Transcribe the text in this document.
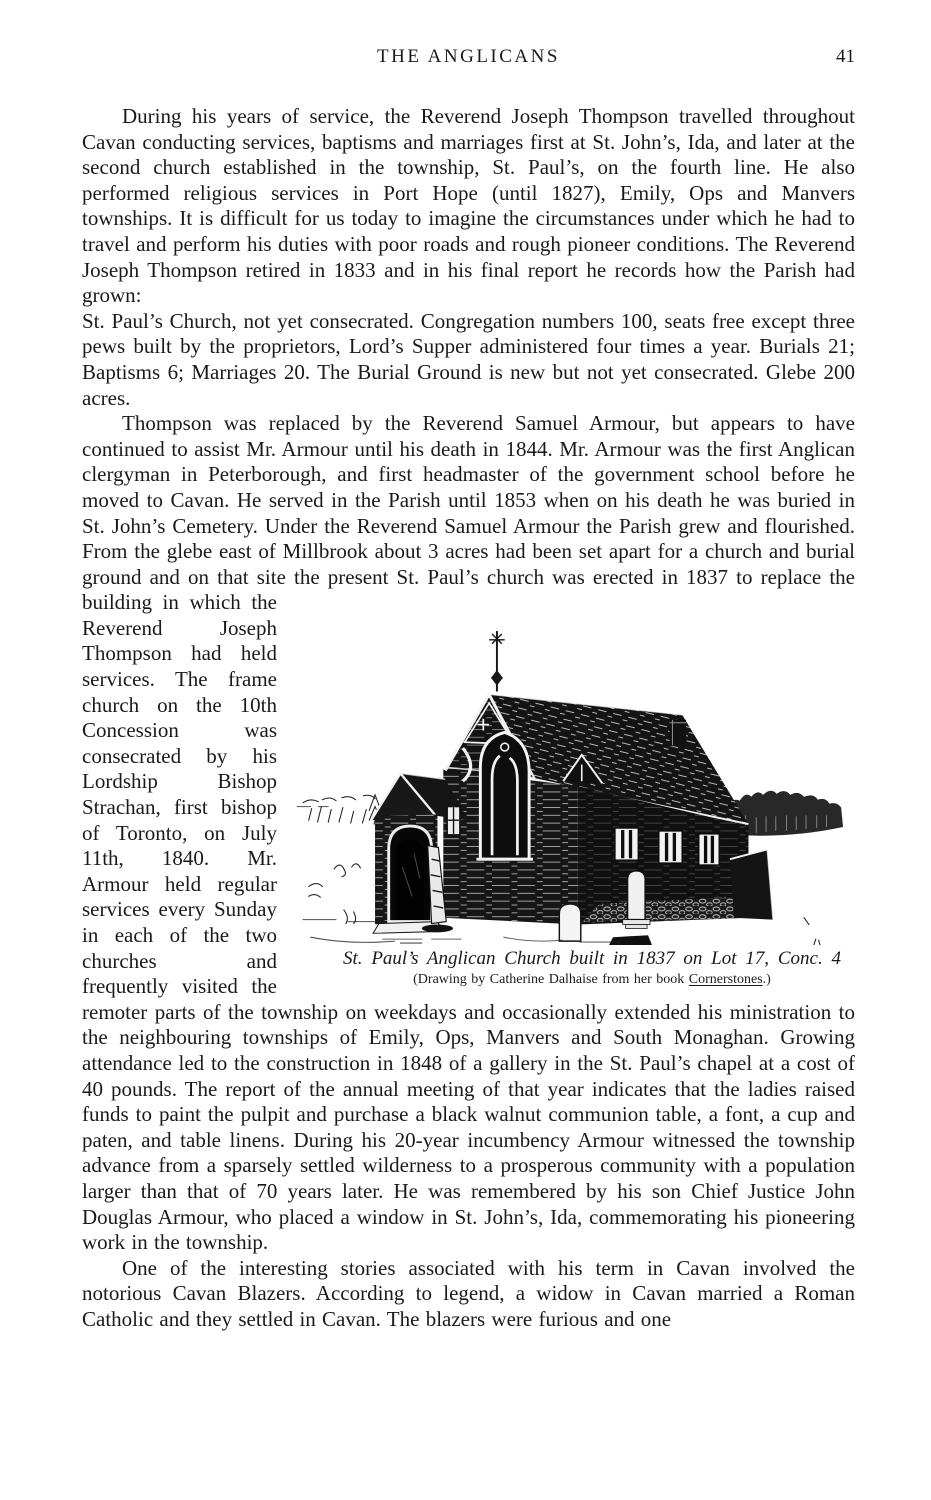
THE ANGLICANS	41

During his years of service, the Reverend Joseph Thompson travelled throughout Cavan conducting services, baptisms and marriages first at St. John’s, Ida, and later at the second church established in the township, St. Paul’s, on the fourth line. He also performed religious services in Port Hope (until 1827), Emily, Ops and Manvers townships. It is difficult for us today to imagine the circumstances under which he had to travel and perform his duties with poor roads and rough pioneer conditions. The Reverend Joseph Thompson retired in 1833 and in his final report he records how the Parish had grown:

St. Paul’s Church, not yet consecrated. Congregation numbers 100, seats free except three pews built by the proprietors, Lord’s Supper administered four times a year. Burials 21; Baptisms 6; Marriages 20. The Burial Ground is new but not yet consecrated. Glebe 200 acres.

Thompson was replaced by the Reverend Samuel Armour, but appears to have continued to assist Mr. Armour until his death in 1844. Mr. Armour was the first Anglican clergyman in Peterborough, and first headmaster of the government school before he moved to Cavan. He served in the Parish until 1853 when on his death he was buried in St. John’s Cemetery. Under the Reverend Samuel Armour the Parish grew and flourished. From the glebe east of Millbrook about 3 acres had been set apart for a church and burial ground and on that site the present St. Paul’s church was erected in 1837 to replace the building in which
St. Paul’s Anglican Church built in 1837 on Lot 17, Conc. 4
(Drawing by Catherine Dalhaise from her book Cornerstones.)
the Reverend Joseph Thompson had held services. The frame church on the 10th Concession was consecrated by his Lordship Bishop Strachan, first bishop of Toronto, on July 11th, 1840. Mr. Armour held regular services every Sunday in each of the two churches and frequently visited the remoter parts of the township on weekdays and occasionally extended his ministration to the neighbouring townships of Emily, Ops, Manvers and South Monaghan. Growing attendance led to the construction in 1848 of a gallery in the St. Paul’s chapel at a cost of 40 pounds. The report of the annual meeting of that year indicates that the ladies raised funds to paint the pulpit and purchase a black walnut communion table, a font, a cup and paten, and table linens. During his 20-year incumbency Armour witnessed the township advance from a sparsely settled wilderness to a prosperous community with a population larger than that of 70 years later. He was remembered by his son Chief Justice John Douglas Armour, who placed a window in St. John’s, Ida, commemorating his pioneering work in the township.

One of the interesting stories associated with his term in Cavan involved the notorious Cavan Blazers. According to legend, a widow in Cavan married a Roman Catholic and they settled in Cavan. The blazers were furious and one
